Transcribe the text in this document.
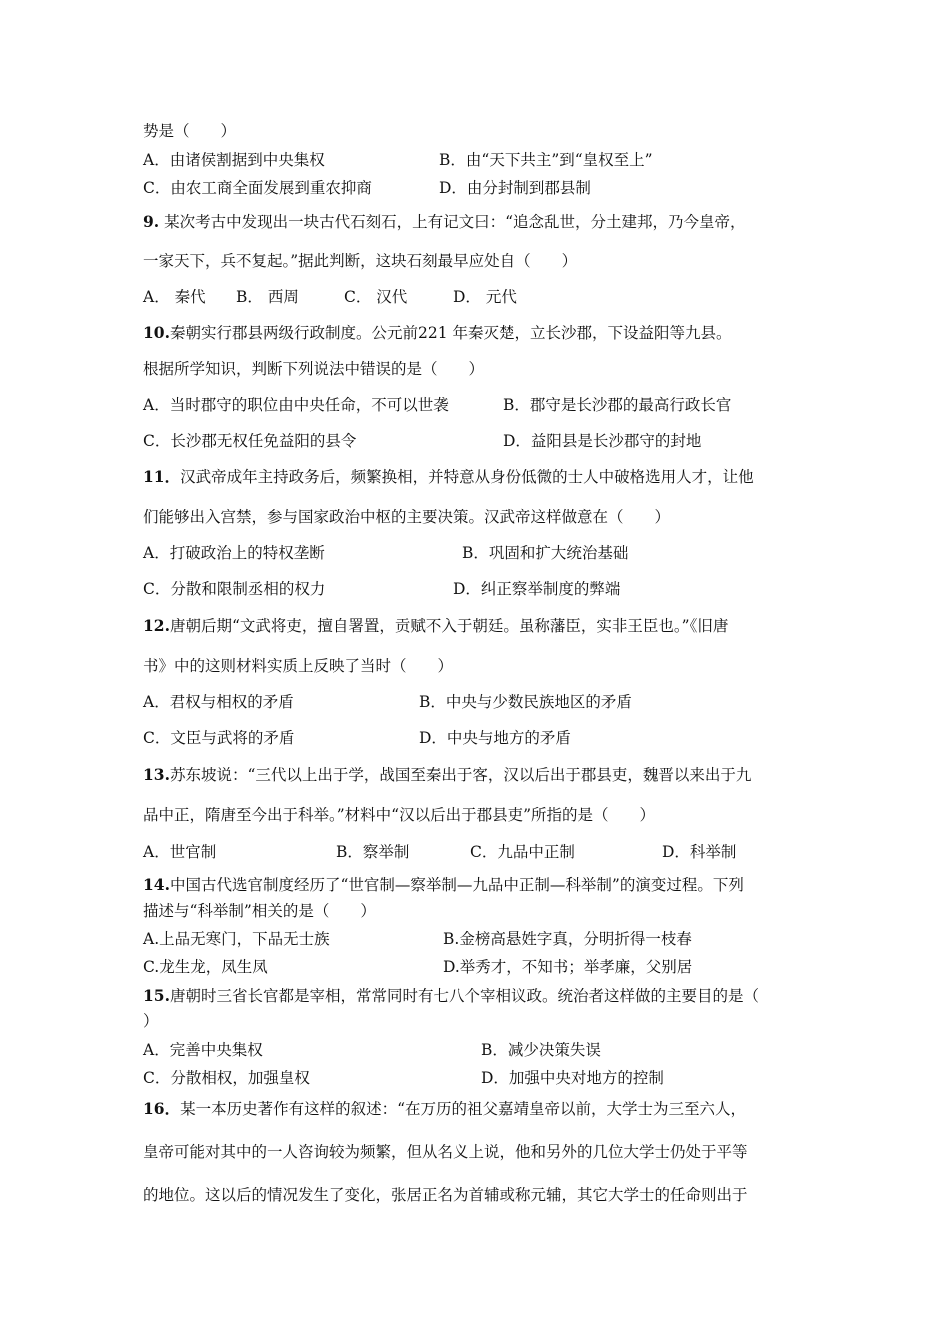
势是（　　）
A．由诸侯割据到中央集权	B．由“天下共主”到“皇权至上”
C．由农工商全面发展到重农抑商	D．由分封制到郡县制
9. 某次考古中发现出一块古代石刻石，上有记文曰：“追念乱世，分土建邦，乃今皇帝，
一家天下，兵不复起。”据此判断，这块石刻最早应处自（　　）
A． 秦代 B． 西周	C． 汉代	D． 元代
10.秦朝实行郡县两级行政制度。公元前221 年秦灭楚，立长沙郡，下设益阳等九县。
根据所学知识，判断下列说法中错误的是（　　）
A．当时郡守的职位由中央任命，不可以世袭	B．郡守是长沙郡的最高行政长官
C．长沙郡无权任免益阳的县令	D．益阳县是长沙郡守的封地
11．汉武帝成年主持政务后，频繁换相，并特意从身份低微的士人中破格选用人才，让他
们能够出入宫禁，参与国家政治中枢的主要决策。汉武帝这样做意在（　　）
A．打破政治上的特权垄断	B．巩固和扩大统治基础
C．分散和限制丞相的权力	D．纠正察举制度的弊端
12.唐朝后期“文武将吏，擅自署置，贡赋不入于朝廷。虽称藩臣，实非王臣也。”《旧唐
书》中的这则材料实质上反映了当时（　　）
A．君权与相权的矛盾	B．中央与少数民族地区的矛盾
C．文臣与武将的矛盾	D．中央与地方的矛盾
13.苏东坡说：“三代以上出于学，战国至秦出于客，汉以后出于郡县吏，魏晋以来出于九
品中正，隋唐至今出于科举。”材料中“汉以后出于郡县吏”所指的是（　　）
A．世官制	B．察举制	C．九品中正制	D．科举制
14.中国古代选官制度经历了“世官制—察举制—九品中正制—科举制”的演变过程。下列
描述与“科举制”相关的是（　　）
A.上品无寒门，下品无士族	B.金榜高悬姓字真，分明折得一枝春
C.龙生龙，凤生凤	D.举秀才，不知书；举孝廉，父别居
15.唐朝时三省长官都是宰相，常常同时有七八个宰相议政。统治者这样做的主要目的是（
）
A．完善中央集权	B．减少决策失误
C．分散相权，加强皇权	D．加强中央对地方的控制
16．某一本历史著作有这样的叙述：“在万历的祖父嘉靖皇帝以前，大学士为三至六人，
皇帝可能对其中的一人咨询较为频繁，但从名义上说，他和另外的几位大学士仍处于平等
的地位。这以后的情况发生了变化，张居正名为首辅或称元辅，其它大学士的任命则出于
